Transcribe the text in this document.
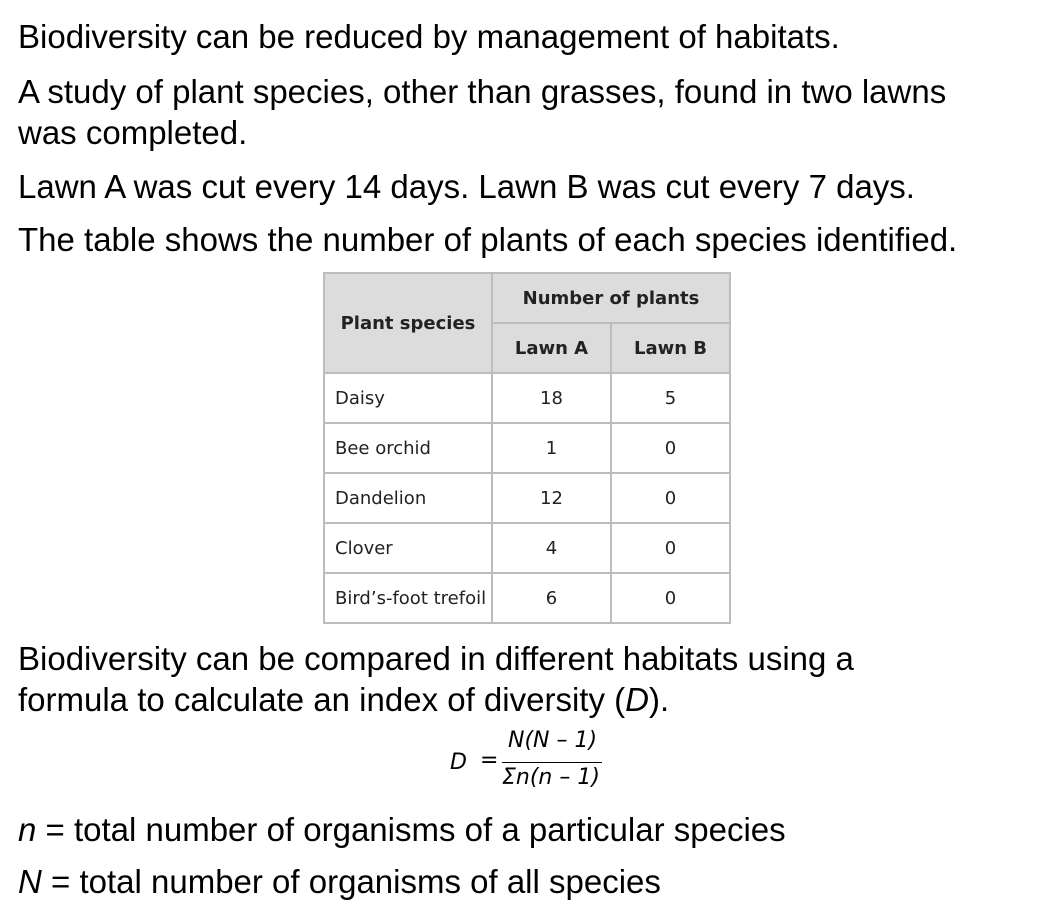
Biodiversity can be reduced by management of habitats.

A study of plant species, other than grasses, found in two lawns
was completed.

Lawn A was cut every 14 days. Lawn B was cut every 7 days.

The table shows the number of plants of each species identified.

Plant species	Number of plants	
	Lawn A	Lawn B
Daisy	18	5
Bee orchid	1	0
Dandelion	12	0
Clover	4	0
Bird’s-foot trefoil	6	0

Biodiversity can be compared in different habitats using a
formula to calculate an index of diversity (D).

D =
N(N – 1)
Σn(n – 1)

n = total number of organisms of a particular species

N = total number of organisms of all species
